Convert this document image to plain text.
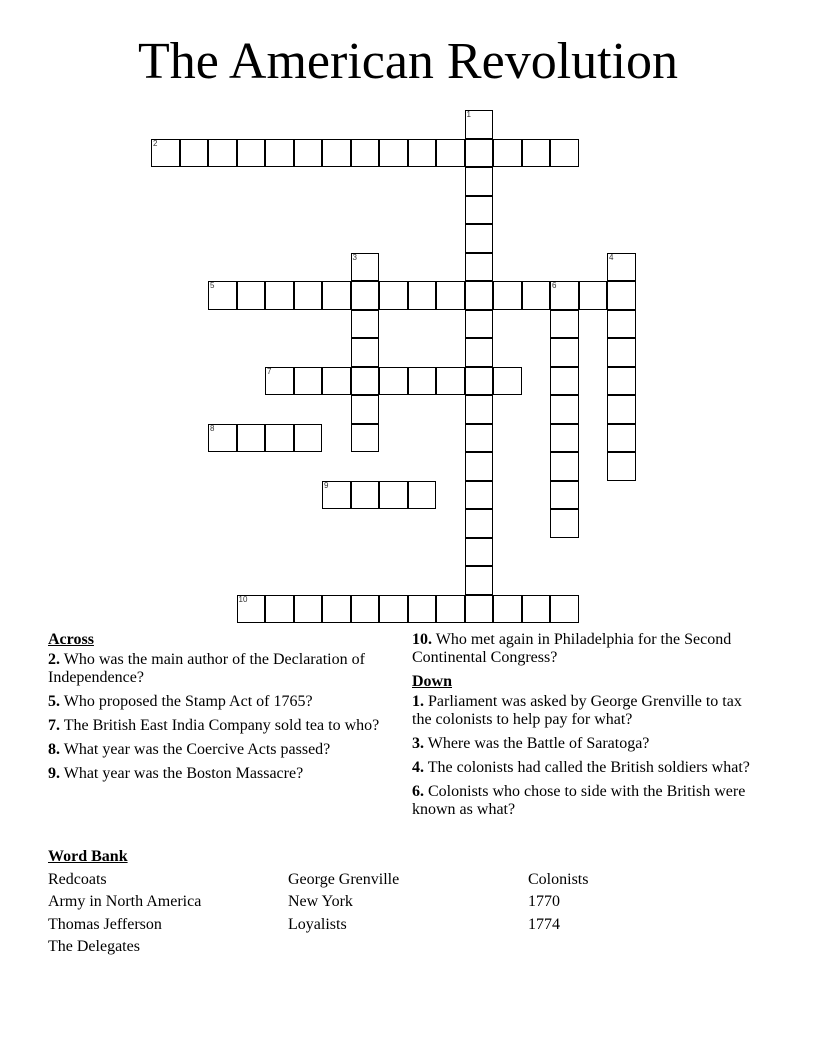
The American Revolution
1
2
3	4
5	6
7
8
9
10
Across
2. Who was the main author of the Declaration of Independence?
5. Who proposed the Stamp Act of 1765?
7. The British East India Company sold tea to who?
8. What year was the Coercive Acts passed?
9. What year was the Boston Massacre?
10. Who met again in Philadelphia for the Second Continental Congress?
Down
1. Parliament was asked by George Grenville to tax the colonists to help pay for what?
3. Where was the Battle of Saratoga?
4. The colonists had called the British soldiers what?
6. Colonists who chose to side with the British were known as what?
Word Bank
Redcoats
Army in North America
Thomas Jefferson
The Delegates
George Grenville
New York
Loyalists
Colonists
1770
1774
